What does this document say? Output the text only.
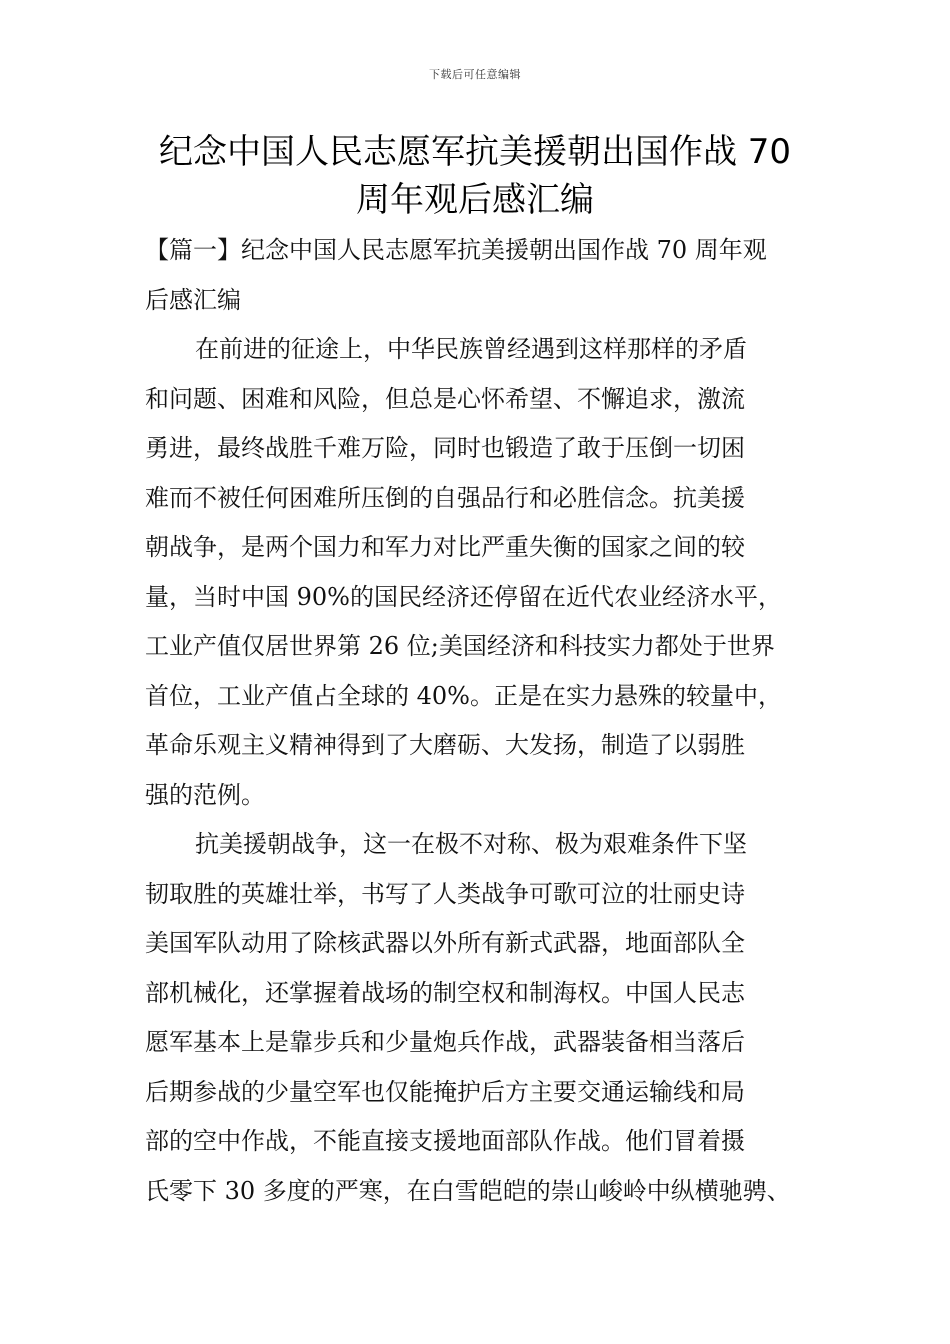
下载后可任意编辑
纪念中国人民志愿军抗美援朝出国作战 70
周年观后感汇编
【篇一】纪念中国人民志愿军抗美援朝出国作战 70 周年观
后感汇编
在前进的征途上，中华民族曾经遇到这样那样的矛盾
和问题、困难和风险，但总是心怀希望、不懈追求，激流
勇进，最终战胜千难万险，同时也锻造了敢于压倒一切困
难而不被任何困难所压倒的自强品行和必胜信念。抗美援
朝战争，是两个国力和军力对比严重失衡的国家之间的较
量，当时中国 90%的国民经济还停留在近代农业经济水平，
工业产值仅居世界第 26 位;美国经济和科技实力都处于世界
首位，工业产值占全球的 40%。正是在实力悬殊的较量中，
革命乐观主义精神得到了大磨砺、大发扬，制造了以弱胜
强的范例。
抗美援朝战争，这一在极不对称、极为艰难条件下坚
韧取胜的英雄壮举，书写了人类战争可歌可泣的壮丽史诗
美国军队动用了除核武器以外所有新式武器，地面部队全
部机械化，还掌握着战场的制空权和制海权。中国人民志
愿军基本上是靠步兵和少量炮兵作战，武器装备相当落后
后期参战的少量空军也仅能掩护后方主要交通运输线和局
部的空中作战，不能直接支援地面部队作战。他们冒着摄
氏零下 30 多度的严寒，在白雪皑皑的崇山峻岭中纵横驰骋、
